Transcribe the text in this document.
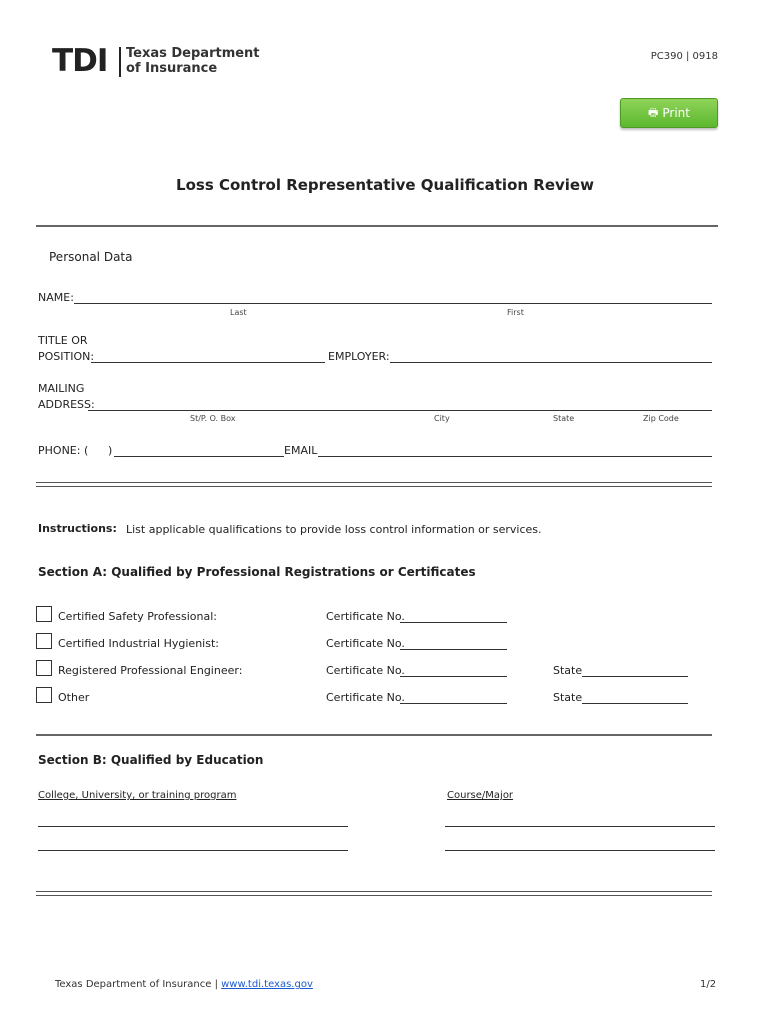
TDI Texas Department
of Insurance
PC390 | 0918
🖶 Print
Loss Control Representative Qualification Review
Personal Data
NAME:
Last	First
TITLE OR
POSITION:	EMPLOYER:
MAILING
ADDRESS:
St/P. O. Box	City	State	Zip Code
PHONE: ( )	EMAIL
Instructions: List applicable qualifications to provide loss control information or services.
Section A: Qualified by Professional Registrations or Certificates
Certified Safety Professional:	Certificate No.
Certified Industrial Hygienist:	Certificate No.
Registered Professional Engineer:	Certificate No.	State
Other	Certificate No.	State
Section B: Qualified by Education
College, University, or training program	Course/Major
Texas Department of Insurance | www.tdi.texas.gov	1/2
